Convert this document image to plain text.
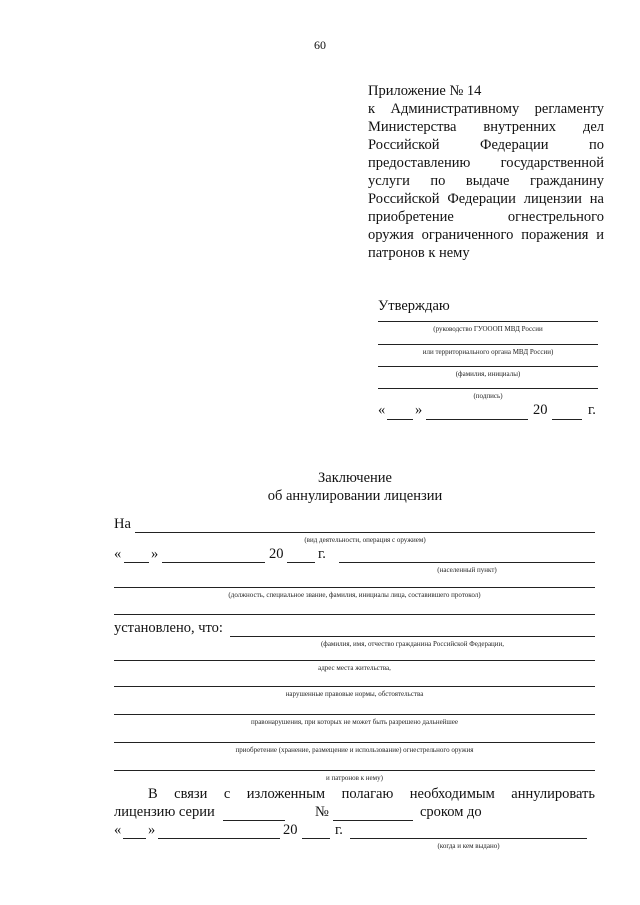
60
Приложение № 14
к Административному регламенту
Министерства внутренних дел
Российской Федерации по
предоставлению государственной
услуги по выдаче гражданину
Российской Федерации лицензии на
приобретение огнестрельного
оружия ограниченного поражения и
патронов к нему
Утверждаю
(руководство ГУОООП МВД России
или территориального органа МВД России)
(фамилия, инициалы)
(подпись)
« »	20	г.
Заключение
об аннулировании лицензии
На
(вид деятельности, операция с оружием)
« »	20 г.
(населенный пункт)
(должность, специальное звание, фамилия, инициалы лица, составившего протокол)
установлено, что:
(фамилия, имя, отчество гражданина Российской Федерации,
адрес места жительства,
нарушенные правовые нормы, обстоятельства
правонарушения, при которых не может быть разрешено дальнейшее
приобретение (хранение, размещение и использование) огнестрельного оружия
и патронов к нему)
В связи с изложенным полагаю необходимым аннулировать
лицензию серии	№	сроком до
« »	20	г.
(когда и кем выдано)
